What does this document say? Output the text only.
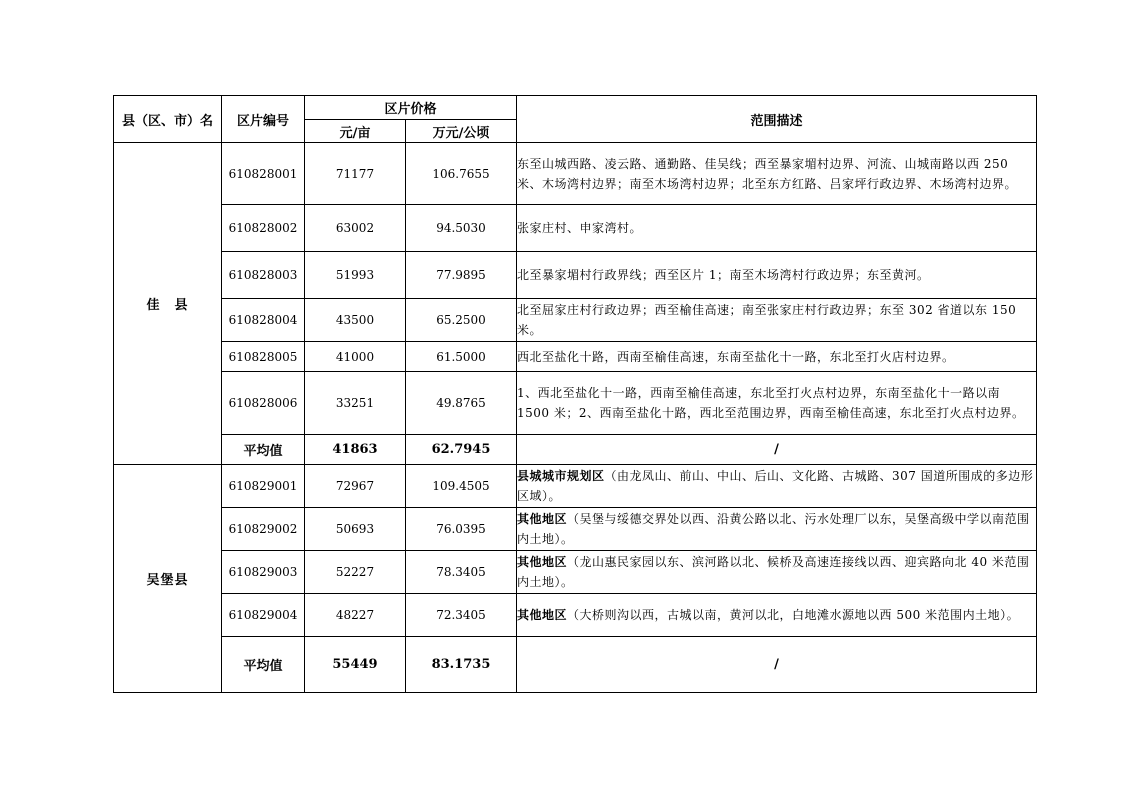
县（区、市）名	区片编号	区片价格		范围描述
		元/亩	万元/公顷	
佳　县	610828001	71177	106.7655	东至山城西路、凌云路、通勤路、佳吴线；西至暴家堳村边界、河流、山城南路以西 250 米、木场湾村边界；南至木场湾村边界；北至东方红路、吕家坪行政边界、木场湾村边界。
	610828002	63002	94.5030	张家庄村、申家湾村。
	610828003	51993	77.9895	北至暴家堳村行政界线；西至区片 1；南至木场湾村行政边界；东至黄河。
	610828004	43500	65.2500	北至屈家庄村行政边界；西至榆佳高速；南至张家庄村行政边界；东至 302 省道以东 150 米。
	610828005	41000	61.5000	西北至盐化十路，西南至榆佳高速，东南至盐化十一路，东北至打火店村边界。
	610828006	33251	49.8765	1、西北至盐化十一路，西南至榆佳高速，东北至打火点村边界，东南至盐化十一路以南 1500 米；2、西南至盐化十路，西北至范围边界，西南至榆佳高速，东北至打火点村边界。
	平均值	41863	62.7945	/
吴堡县	610829001	72967	109.4505	县城城市规划区（由龙凤山、前山、中山、后山、文化路、古城路、307 国道所围成的多边形区域）。
	610829002	50693	76.0395	其他地区（吴堡与绥德交界处以西、沿黄公路以北、污水处理厂以东，吴堡高级中学以南范围内土地）。
	610829003	52227	78.3405	其他地区（龙山惠民家园以东、滨河路以北、候桥及高速连接线以西、迎宾路向北 40 米范围内土地）。
	610829004	48227	72.3405	其他地区（大桥则沟以西，古城以南，黄河以北，白地滩水源地以西 500 米范围内土地）。
	平均值	55449	83.1735	/
